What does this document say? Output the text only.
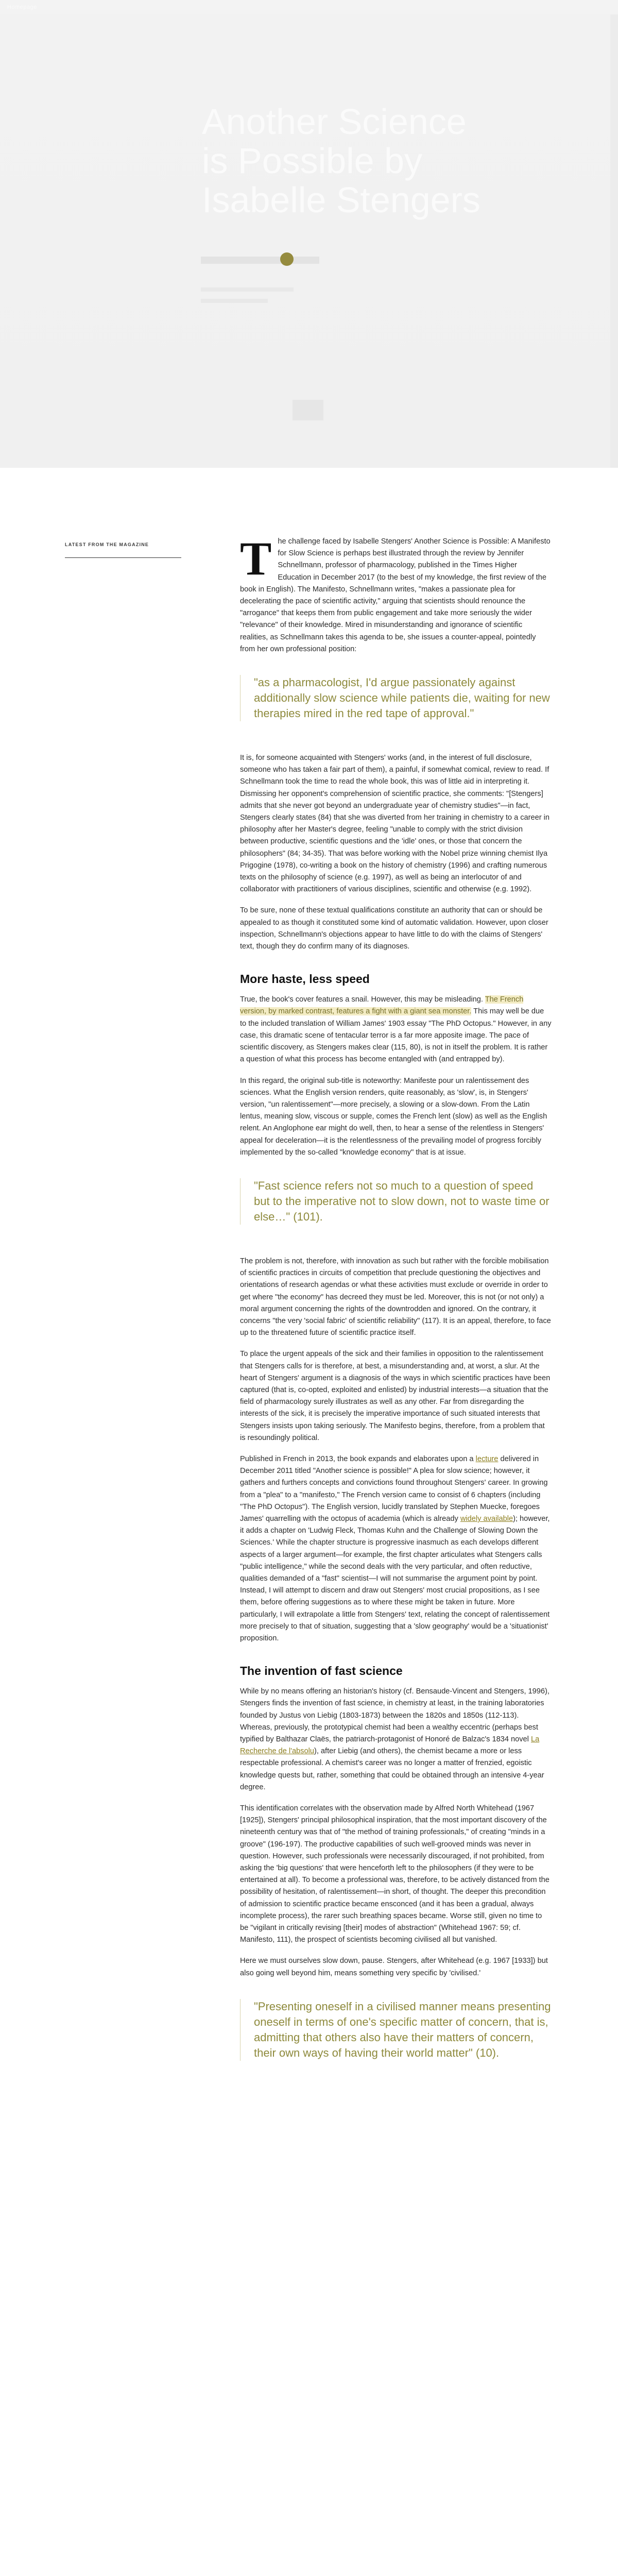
Homepage
Another Science is Possible by Isabelle Stengers
LATEST FROM THE MAGAZINE The challenge faced by Isabelle Stengers' Another Science is Possible: A Manifesto for Slow Science is perhaps best illustrated through the review by Jennifer Schnellmann, professor of pharmacology, published in the Times Higher Education in December 2017 (to the best of my knowledge, the first review of the book in English). The Manifesto, Schnellmann writes, "makes a passionate plea for decelerating the pace of scientific activity," arguing that scientists should renounce the "arrogance" that keeps them from public engagement and take more seriously the wider "relevance" of their knowledge. Mired in misunderstanding and ignorance of scientific realities, as Schnellmann takes this agenda to be, she issues a counter-appeal, pointedly from her own professional position:

"as a pharmacologist, I'd argue passionately against additionally slow science while patients die, waiting for new therapies mired in the red tape of approval."

It is, for someone acquainted with Stengers' works (and, in the interest of full disclosure, someone who has taken a fair part of them), a painful, if somewhat comical, review to read. If Schnellmann took the time to read the whole book, this was of little aid in interpreting it. Dismissing her opponent's comprehension of scientific practice, she comments: "[Stengers] admits that she never got beyond an undergraduate year of chemistry studies"—in fact, Stengers clearly states (84) that she was diverted from her training in chemistry to a career in philosophy after her Master's degree, feeling "unable to comply with the strict division between productive, scientific questions and the 'idle' ones, or those that concern the philosophers" (84; 34-35). That was before working with the Nobel prize winning chemist Ilya Prigogine (1978), co-writing a book on the history of chemistry (1996) and crafting numerous texts on the philosophy of science (e.g. 1997), as well as being an interlocutor of and collaborator with practitioners of various disciplines, scientific and otherwise (e.g. 1992).

To be sure, none of these textual qualifications constitute an authority that can or should be appealed to as though it constituted some kind of automatic validation. However, upon closer inspection, Schnellmann's objections appear to have little to do with the claims of Stengers' text, though they do confirm many of its diagnoses.

More haste, less speed

True, the book's cover features a snail. However, this may be misleading. The French version, by marked contrast, features a fight with a giant sea monster. This may well be due to the included translation of William James' 1903 essay "The PhD Octopus." However, in any case, this dramatic scene of tentacular terror is a far more apposite image. The pace of scientific discovery, as Stengers makes clear (115, 80), is not in itself the problem. It is rather a question of what this process has become entangled with (and entrapped by).

In this regard, the original sub-title is noteworthy: Manifeste pour un ralentissement des sciences. What the English version renders, quite reasonably, as 'slow', is, in Stengers' version, "un ralentissement"—more precisely, a slowing or a slow-down. From the Latin lentus, meaning slow, viscous or supple, comes the French lent (slow) as well as the English relent. An Anglophone ear might do well, then, to hear a sense of the relentless in Stengers' appeal for deceleration—it is the relentlessness of the prevailing model of progress forcibly implemented by the so-called "knowledge economy" that is at issue.

"Fast science refers not so much to a question of speed but to the imperative not to slow down, not to waste time or else…" (101).

The problem is not, therefore, with innovation as such but rather with the forcible mobilisation of scientific practices in circuits of competition that preclude questioning the objectives and orientations of research agendas or what these activities must exclude or override in order to get where "the economy" has decreed they must be led. Moreover, this is not (or not only) a moral argument concerning the rights of the downtrodden and ignored. On the contrary, it concerns "the very 'social fabric' of scientific reliability" (117). It is an appeal, therefore, to face up to the threatened future of scientific practice itself.

To place the urgent appeals of the sick and their families in opposition to the ralentissement that Stengers calls for is therefore, at best, a misunderstanding and, at worst, a slur. At the heart of Stengers' argument is a diagnosis of the ways in which scientific practices have been captured (that is, co-opted, exploited and enlisted) by industrial interests—a situation that the field of pharmacology surely illustrates as well as any other. Far from disregarding the interests of the sick, it is precisely the imperative importance of such situated interests that Stengers insists upon taking seriously. The Manifesto begins, therefore, from a problem that is resoundingly political.

Published in French in 2013, the book expands and elaborates upon a lecture delivered in December 2011 titled "Another science is possible!" A plea for slow science; however, it gathers and furthers concepts and convictions found throughout Stengers' career. In growing from a "plea" to a "manifesto," The French version came to consist of 6 chapters (including "The PhD Octopus"). The English version, lucidly translated by Stephen Muecke, foregoes James' quarrelling with the octopus of academia (which is already widely available); however, it adds a chapter on 'Ludwig Fleck, Thomas Kuhn and the Challenge of Slowing Down the Sciences.' While the chapter structure is progressive inasmuch as each develops different aspects of a larger argument—for example, the first chapter articulates what Stengers calls "public intelligence," while the second deals with the very particular, and often reductive, qualities demanded of a "fast" scientist—I will not summarise the argument point by point. Instead, I will attempt to discern and draw out Stengers' most crucial propositions, as I see them, before offering suggestions as to where these might be taken in future. More particularly, I will extrapolate a little from Stengers' text, relating the concept of ralentissement more precisely to that of situation, suggesting that a 'slow geography' would be a 'situationist' proposition.

The invention of fast science

While by no means offering an historian's history (cf. Bensaude-Vincent and Stengers, 1996), Stengers finds the invention of fast science, in chemistry at least, in the training laboratories founded by Justus von Liebig (1803-1873) between the 1820s and 1850s (112-113). Whereas, previously, the prototypical chemist had been a wealthy eccentric (perhaps best typified by Balthazar Claës, the patriarch-protagonist of Honoré de Balzac's 1834 novel La Recherche de l'absolu), after Liebig (and others), the chemist became a more or less respectable professional. A chemist's career was no longer a matter of frenzied, egoistic knowledge quests but, rather, something that could be obtained through an intensive 4-year degree.

This identification correlates with the observation made by Alfred North Whitehead (1967 [1925]), Stengers' principal philosophical inspiration, that the most important discovery of the nineteenth century was that of "the method of training professionals," of creating "minds in a groove" (196-197). The productive capabilities of such well-grooved minds was never in question. However, such professionals were necessarily discouraged, if not prohibited, from asking the 'big questions' that were henceforth left to the philosophers (if they were to be entertained at all). To become a professional was, therefore, to be actively distanced from the possibility of hesitation, of ralentissement—in short, of thought. The deeper this precondition of admission to scientific practice became ensconced (and it has been a gradual, always incomplete process), the rarer such breathing spaces became. Worse still, given no time to be "vigilant in critically revising [their] modes of abstraction" (Whitehead 1967: 59; cf. Manifesto, 111), the prospect of scientists becoming civilised all but vanished.

Here we must ourselves slow down, pause. Stengers, after Whitehead (e.g. 1967 [1933]) but also going well beyond him, means something very specific by 'civilised.'

"Presenting oneself in a civilised manner means presenting oneself in terms of one's specific matter of concern, that is, admitting that others also have their matters of concern, their own ways of having their world matter" (10).
